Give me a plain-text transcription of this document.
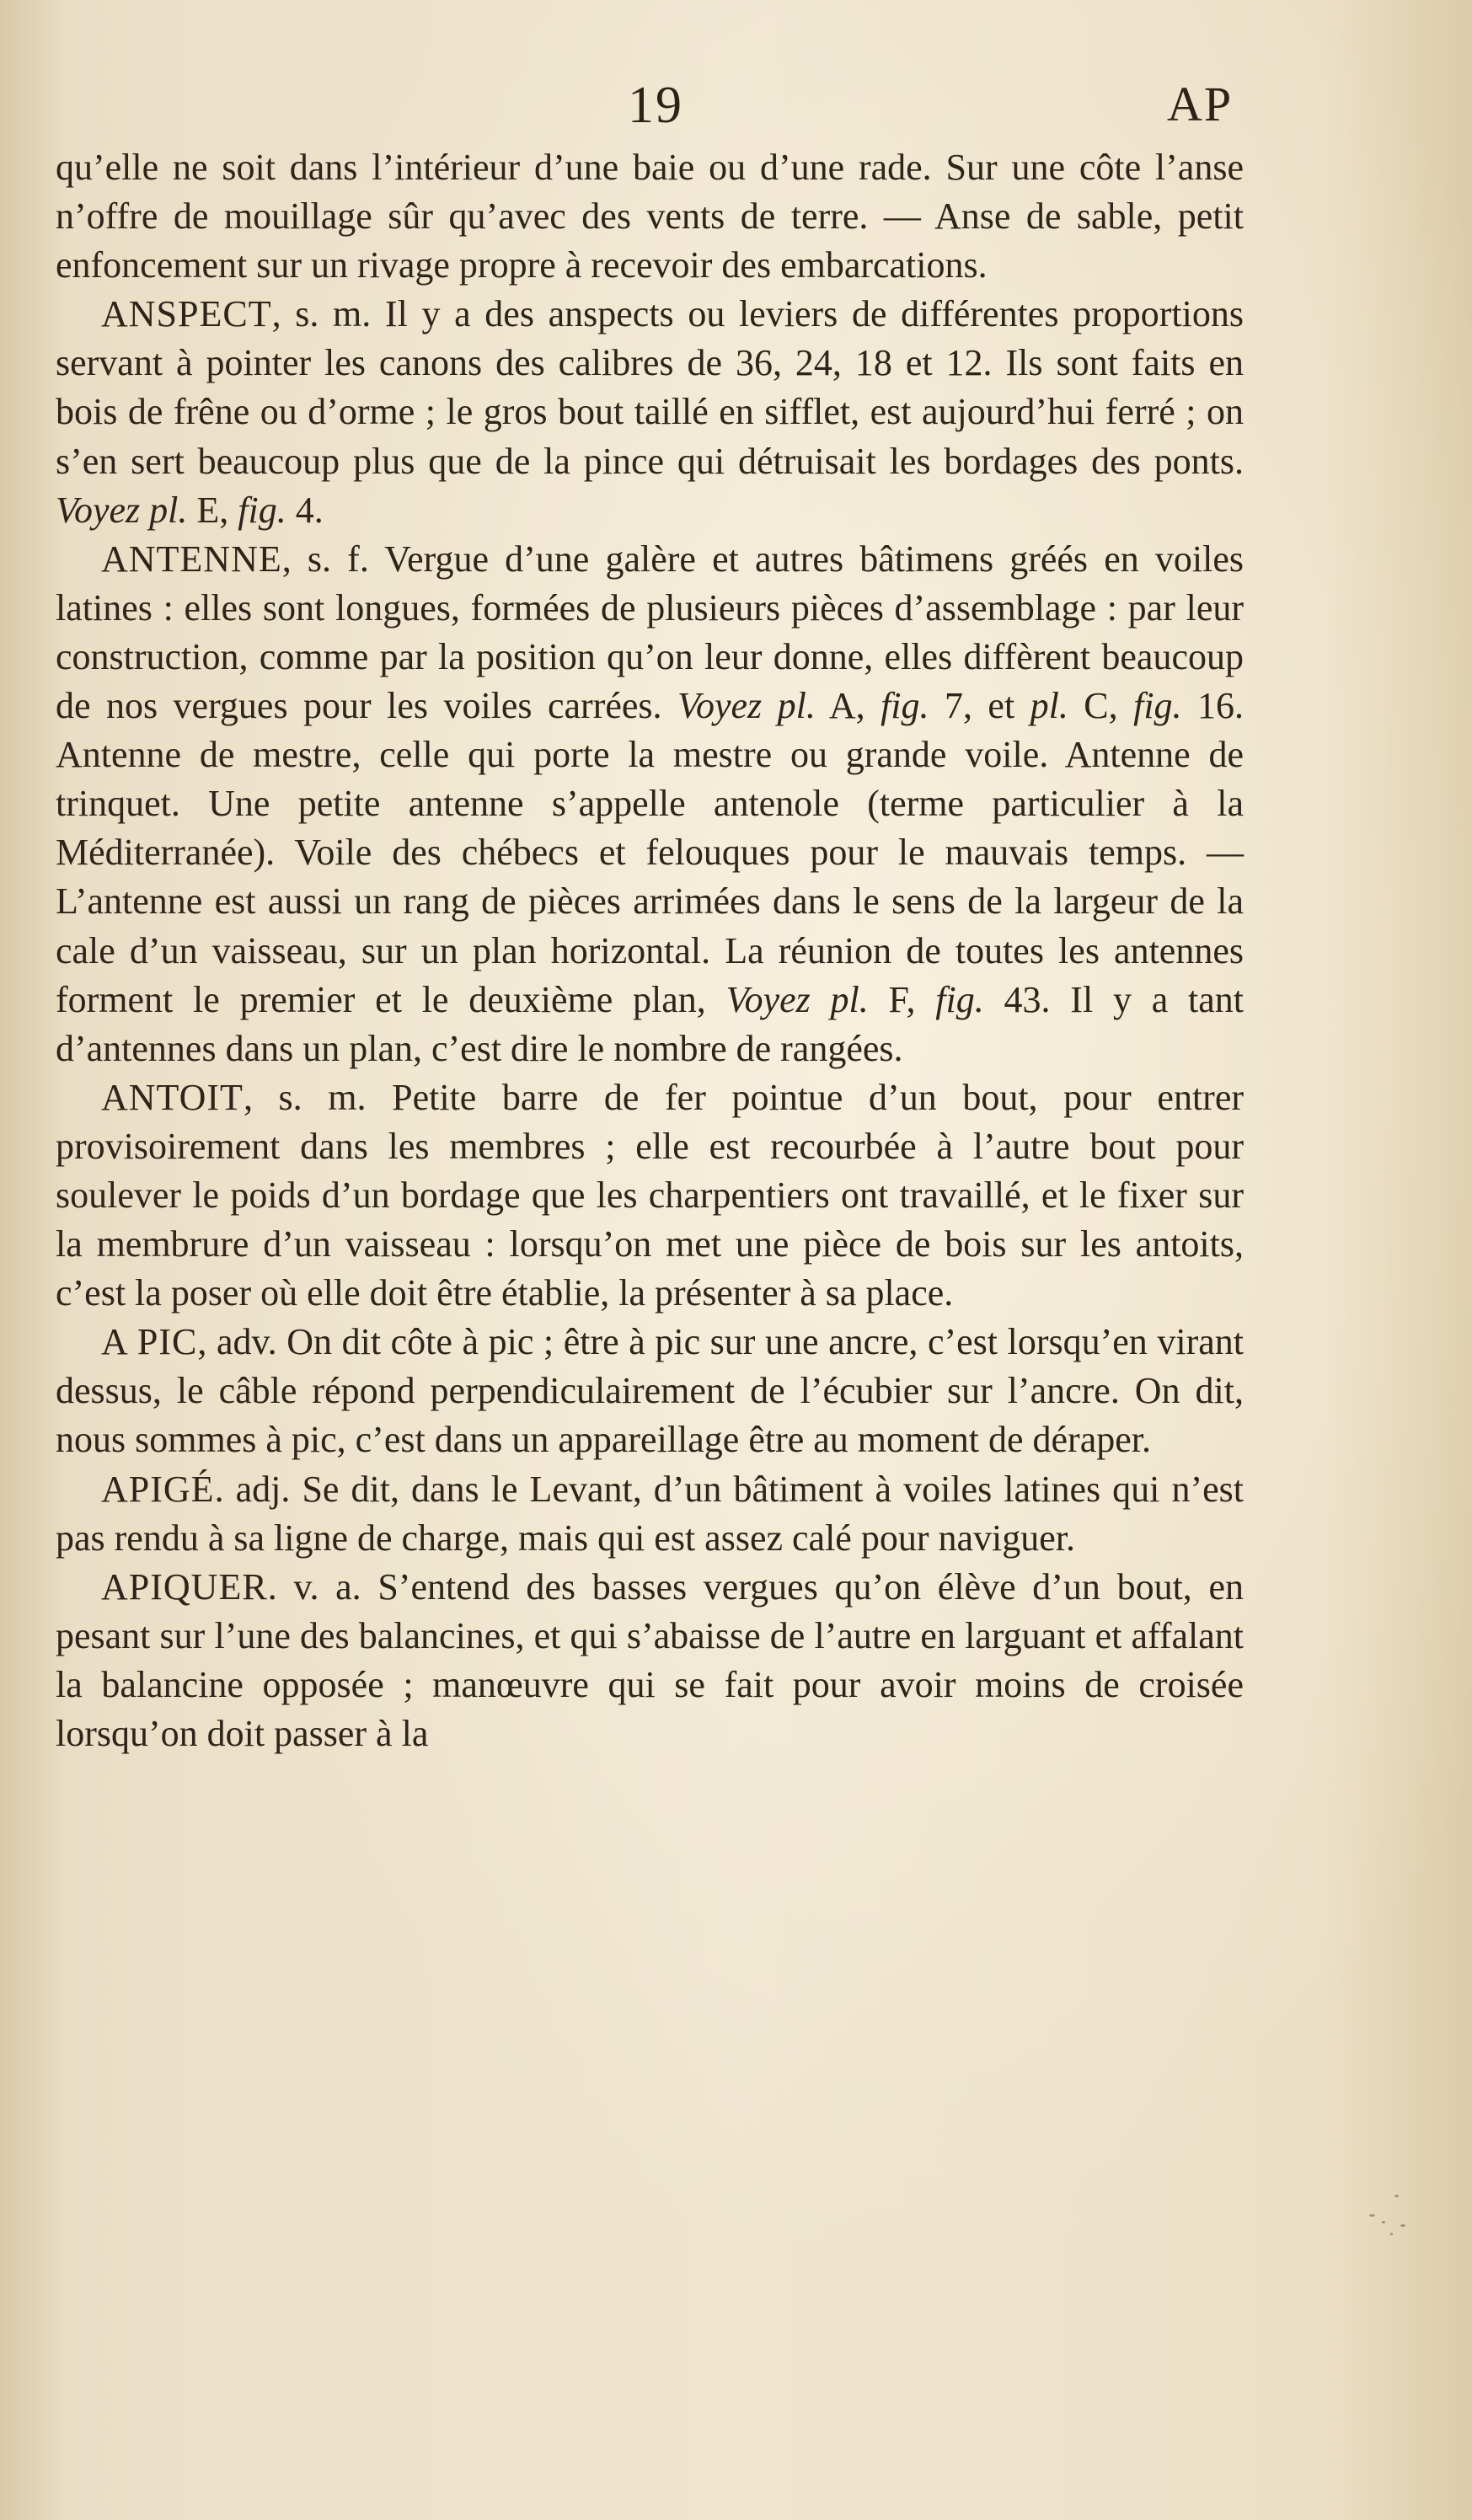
19	AP

qu’elle ne soit dans l’intérieur d’une baie ou d’une rade. Sur une côte l’anse n’offre de mouillage sûr qu’avec des vents de terre. — Anse de sable, petit enfoncement sur un rivage propre à recevoir des embarcations.

ANSPECT, s. m. Il y a des anspects ou leviers de différentes proportions servant à pointer les canons des calibres de 36, 24, 18 et 12. Ils sont faits en bois de frêne ou d’orme ; le gros bout taillé en sifflet, est aujourd’hui ferré ; on s’en sert beaucoup plus que de la pince qui détruisait les bordages des ponts. Voyez pl. E, fig. 4.

ANTENNE, s. f. Vergue d’une galère et autres bâtimens gréés en voiles latines : elles sont longues, formées de plusieurs pièces d’assemblage : par leur construction, comme par la position qu’on leur donne, elles diffèrent beaucoup de nos vergues pour les voiles carrées. Voyez pl. A, fig. 7, et pl. C, fig. 16. Antenne de mestre, celle qui porte la mestre ou grande voile. Antenne de trinquet. Une petite antenne s’appelle antenole (terme particulier à la Méditerranée). Voile des chébecs et felouques pour le mauvais temps. — L’antenne est aussi un rang de pièces arrimées dans le sens de la largeur de la cale d’un vaisseau, sur un plan horizontal. La réunion de toutes les antennes forment le premier et le deuxième plan, Voyez pl. F, fig. 43. Il y a tant d’antennes dans un plan, c’est dire le nombre de rangées.

ANTOIT, s. m. Petite barre de fer pointue d’un bout, pour entrer provisoirement dans les membres ; elle est recourbée à l’autre bout pour soulever le poids d’un bordage que les charpentiers ont travaillé, et le fixer sur la membrure d’un vaisseau : lorsqu’on met une pièce de bois sur les antoits, c’est la poser où elle doit être établie, la présenter à sa place.

A PIC, adv. On dit côte à pic ; être à pic sur une ancre, c’est lorsqu’en virant dessus, le câble répond perpendiculairement de l’écubier sur l’ancre. On dit, nous sommes à pic, c’est dans un appareillage être au moment de déraper.

APIGÉ. adj. Se dit, dans le Levant, d’un bâtiment à voiles latines qui n’est pas rendu à sa ligne de charge, mais qui est assez calé pour naviguer.

APIQUER. v. a. S’entend des basses vergues qu’on élève d’un bout, en pesant sur l’une des balancines, et qui s’abaisse de l’autre en larguant et affalant la balancine opposée ; manœuvre qui se fait pour avoir moins de croisée lorsqu’on doit passer à la
